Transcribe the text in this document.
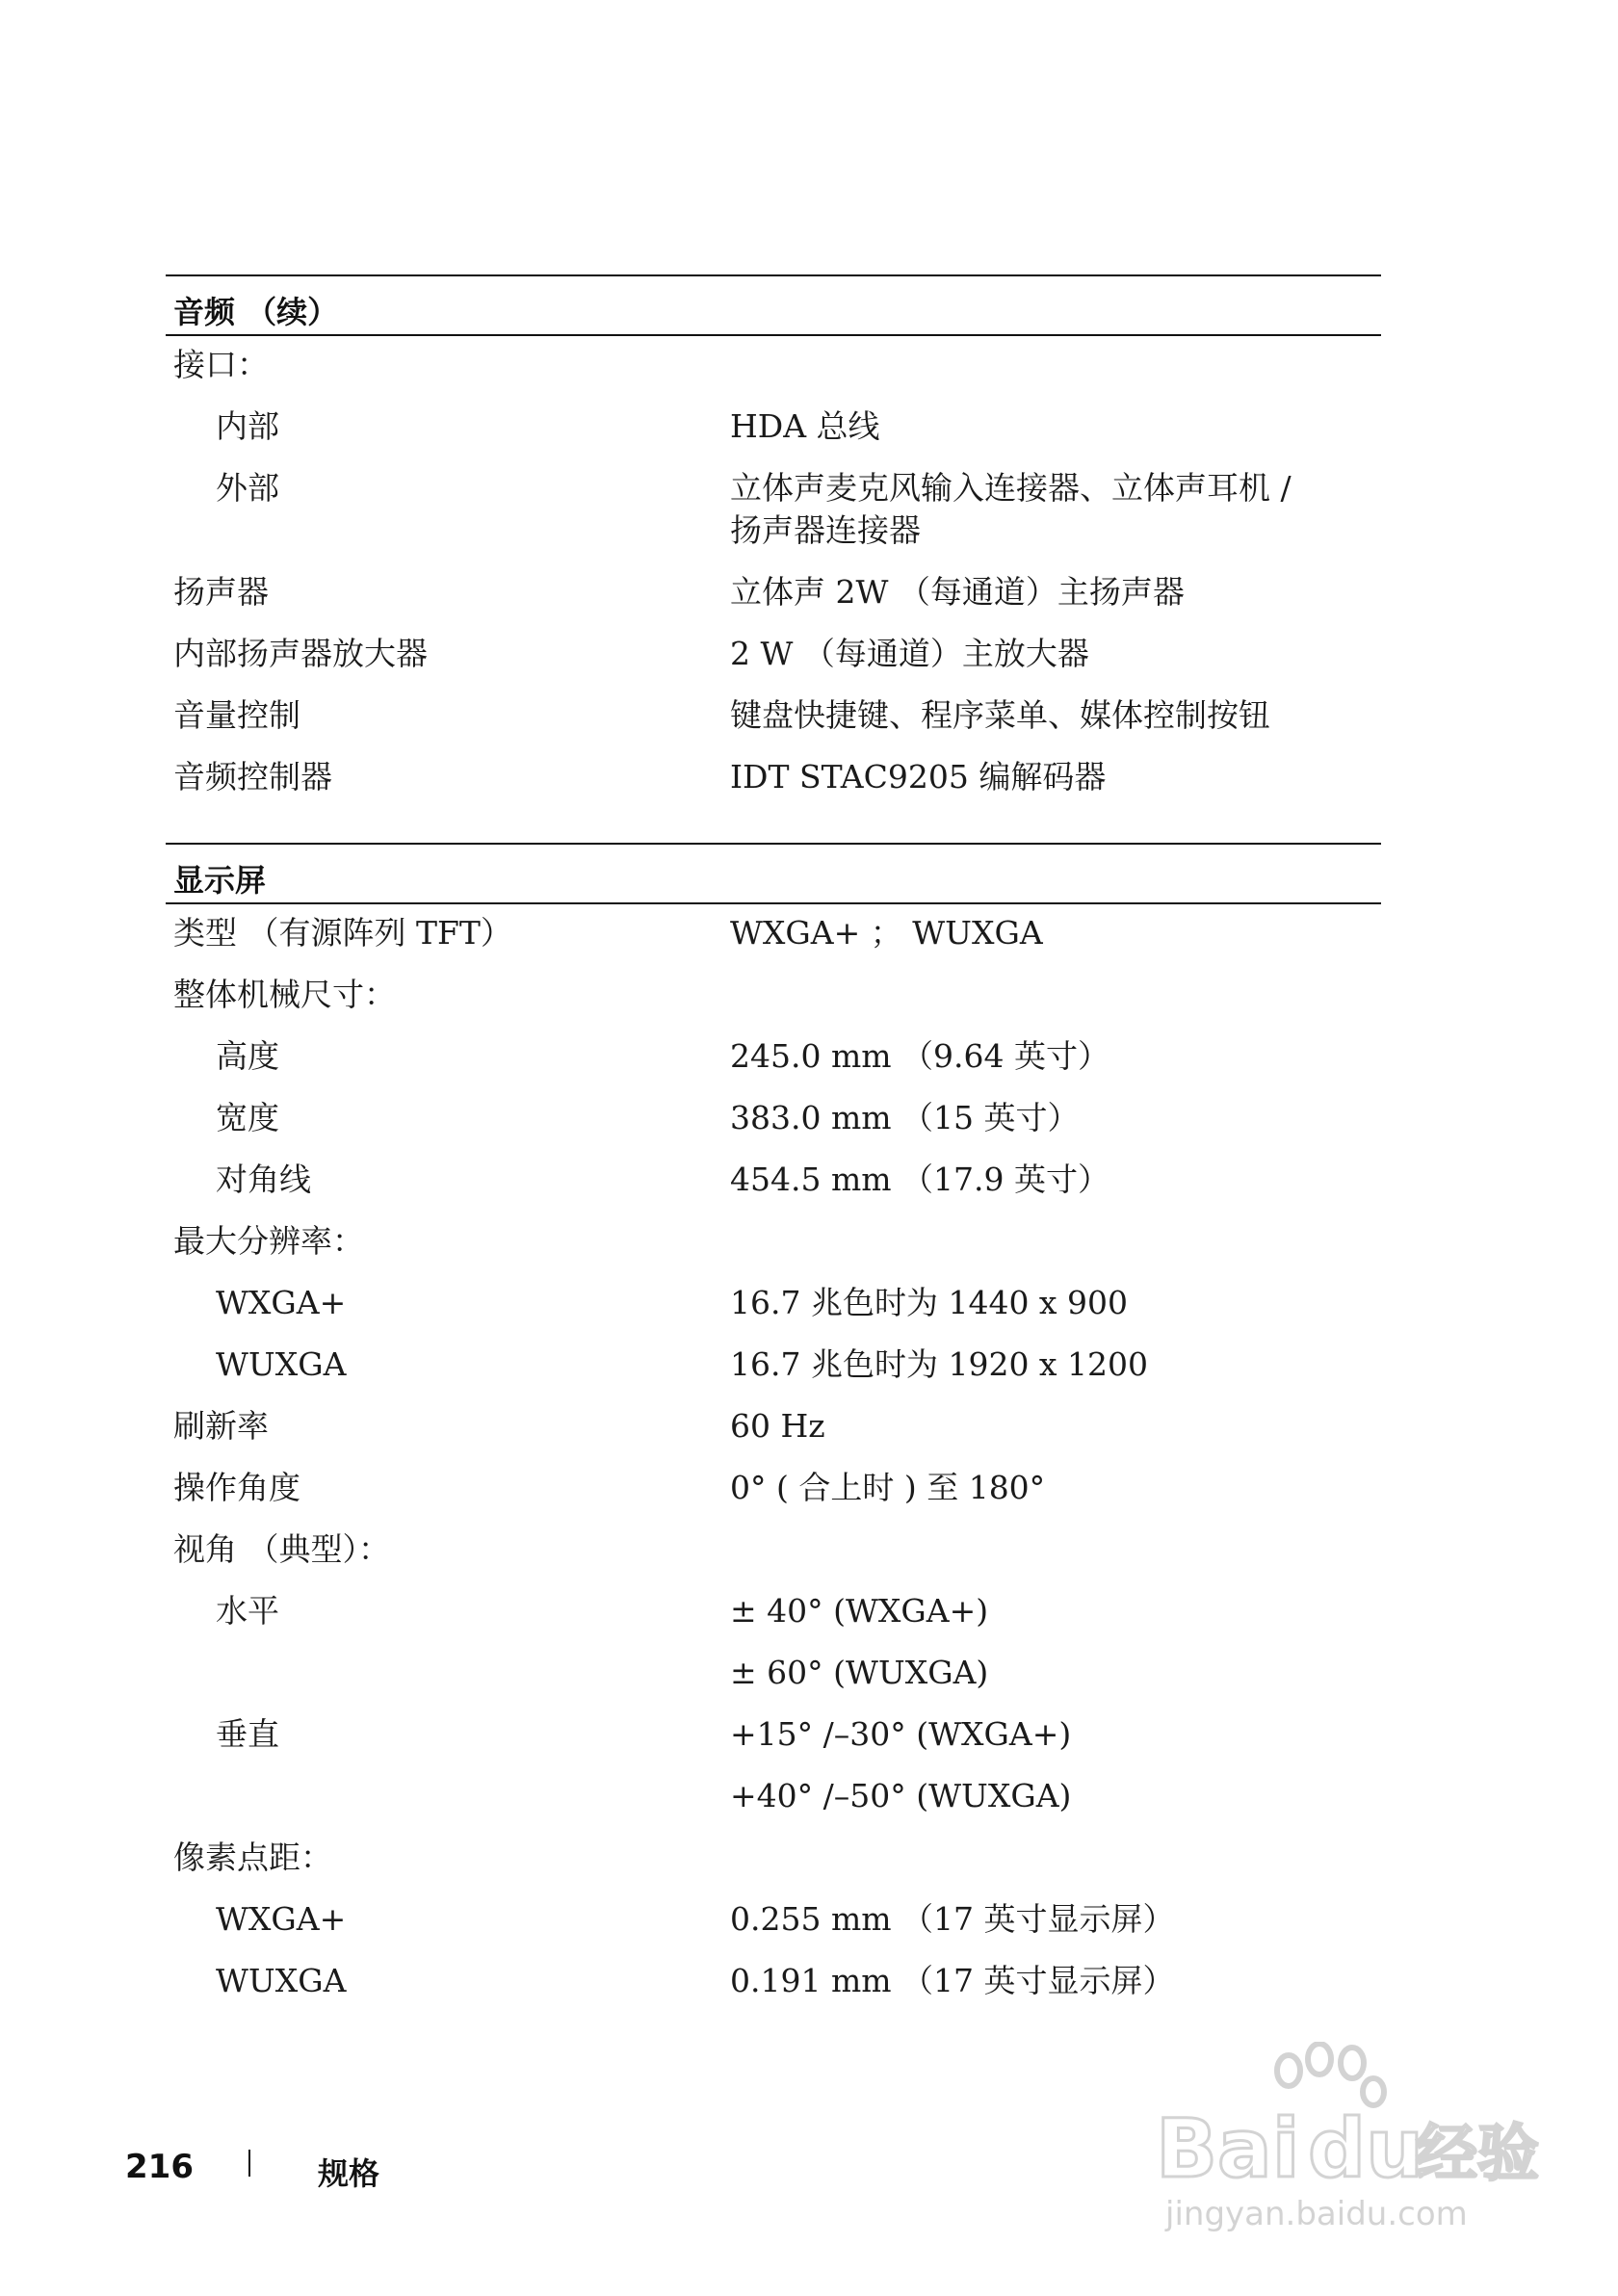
音频 （续）
接口：
内部	HDA 总线
外部	立体声麦克风输入连接器、立体声耳机 /
扬声器连接器
扬声器	立体声 2W （每通道）主扬声器
内部扬声器放大器	2 W （每通道）主放大器
音量控制	键盘快捷键、程序菜单、媒体控制按钮
音频控制器	IDT STAC9205 编解码器
显示屏
类型 （有源阵列 TFT）	WXGA+ ； WUXGA
整体机械尺寸：
高度	245.0 mm （9.64 英寸）
宽度	383.0 mm （15 英寸）
对角线	454.5 mm （17.9 英寸）
最大分辨率：
WXGA+	16.7 兆色时为 1440 x 900
WUXGA	16.7 兆色时为 1920 x 1200
刷新率	60 Hz
操作角度	0° ( 合上时 ) 至 180°
视角 （典型）：
水平	± 40° (WXGA+)
± 60° (WUXGA)
垂直	+15° /–30° (WXGA+)
+40° /–50° (WUXGA)
像素点距：
WXGA+	0.255 mm （17 英寸显示屏）
WUXGA	0.191 mm （17 英寸显示屏）
216	规格	Bai du
经验
jingyan.baidu.com
